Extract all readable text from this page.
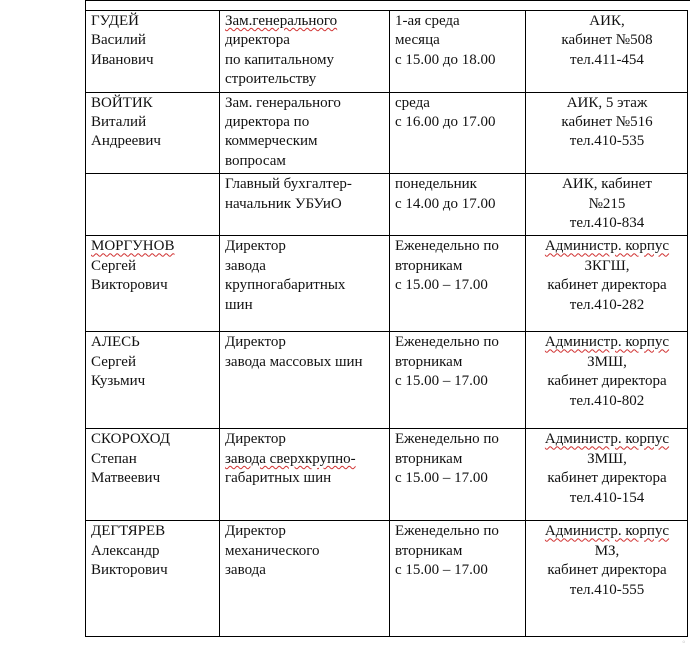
ГУДЕЙ
Василий
Иванович	Зам.генерального
директора
по капитальному
строительству	1-ая среда
месяца
с 15.00 до 18.00	АИК,
кабинет №508
тел.411-454

ВОЙТИК
Виталий
Андреевич	Зам. генерального
директора по
коммерческим
вопросам	среда
с 16.00 до 17.00	АИК, 5 этаж
кабинет №516
тел.410-535

	Главный бухгалтер-
начальник УБУиО	понедельник
с 14.00 до 17.00	АИК, кабинет
№215
тел.410-834

МОРГУНОВ
Сергей
Викторович	Директор
завода
крупногабаритных
шин	Еженедельно по
вторникам
с 15.00 – 17.00	Администр. корпус
ЗКГШ,
кабинет директора
тел.410-282

АЛЕСЬ
Сергей
Кузьмич	Директор
завода массовых шин	Еженедельно по
вторникам
с 15.00 – 17.00	Администр. корпус
ЗМШ,
кабинет директора
тел.410-802

СКОРОХОД
Степан
Матвеевич	Директор
завода сверхкрупно-
габаритных шин	Еженедельно по
вторникам
с 15.00 – 17.00	Администр. корпус
ЗМШ,
кабинет директора
тел.410-154

ДЕГТЯРЕВ
Александр
Викторович	Директор
механического
завода	Еженедельно по
вторникам
с 15.00 – 17.00	Администр. корпус
МЗ,
кабинет директора
тел.410-555
◦
